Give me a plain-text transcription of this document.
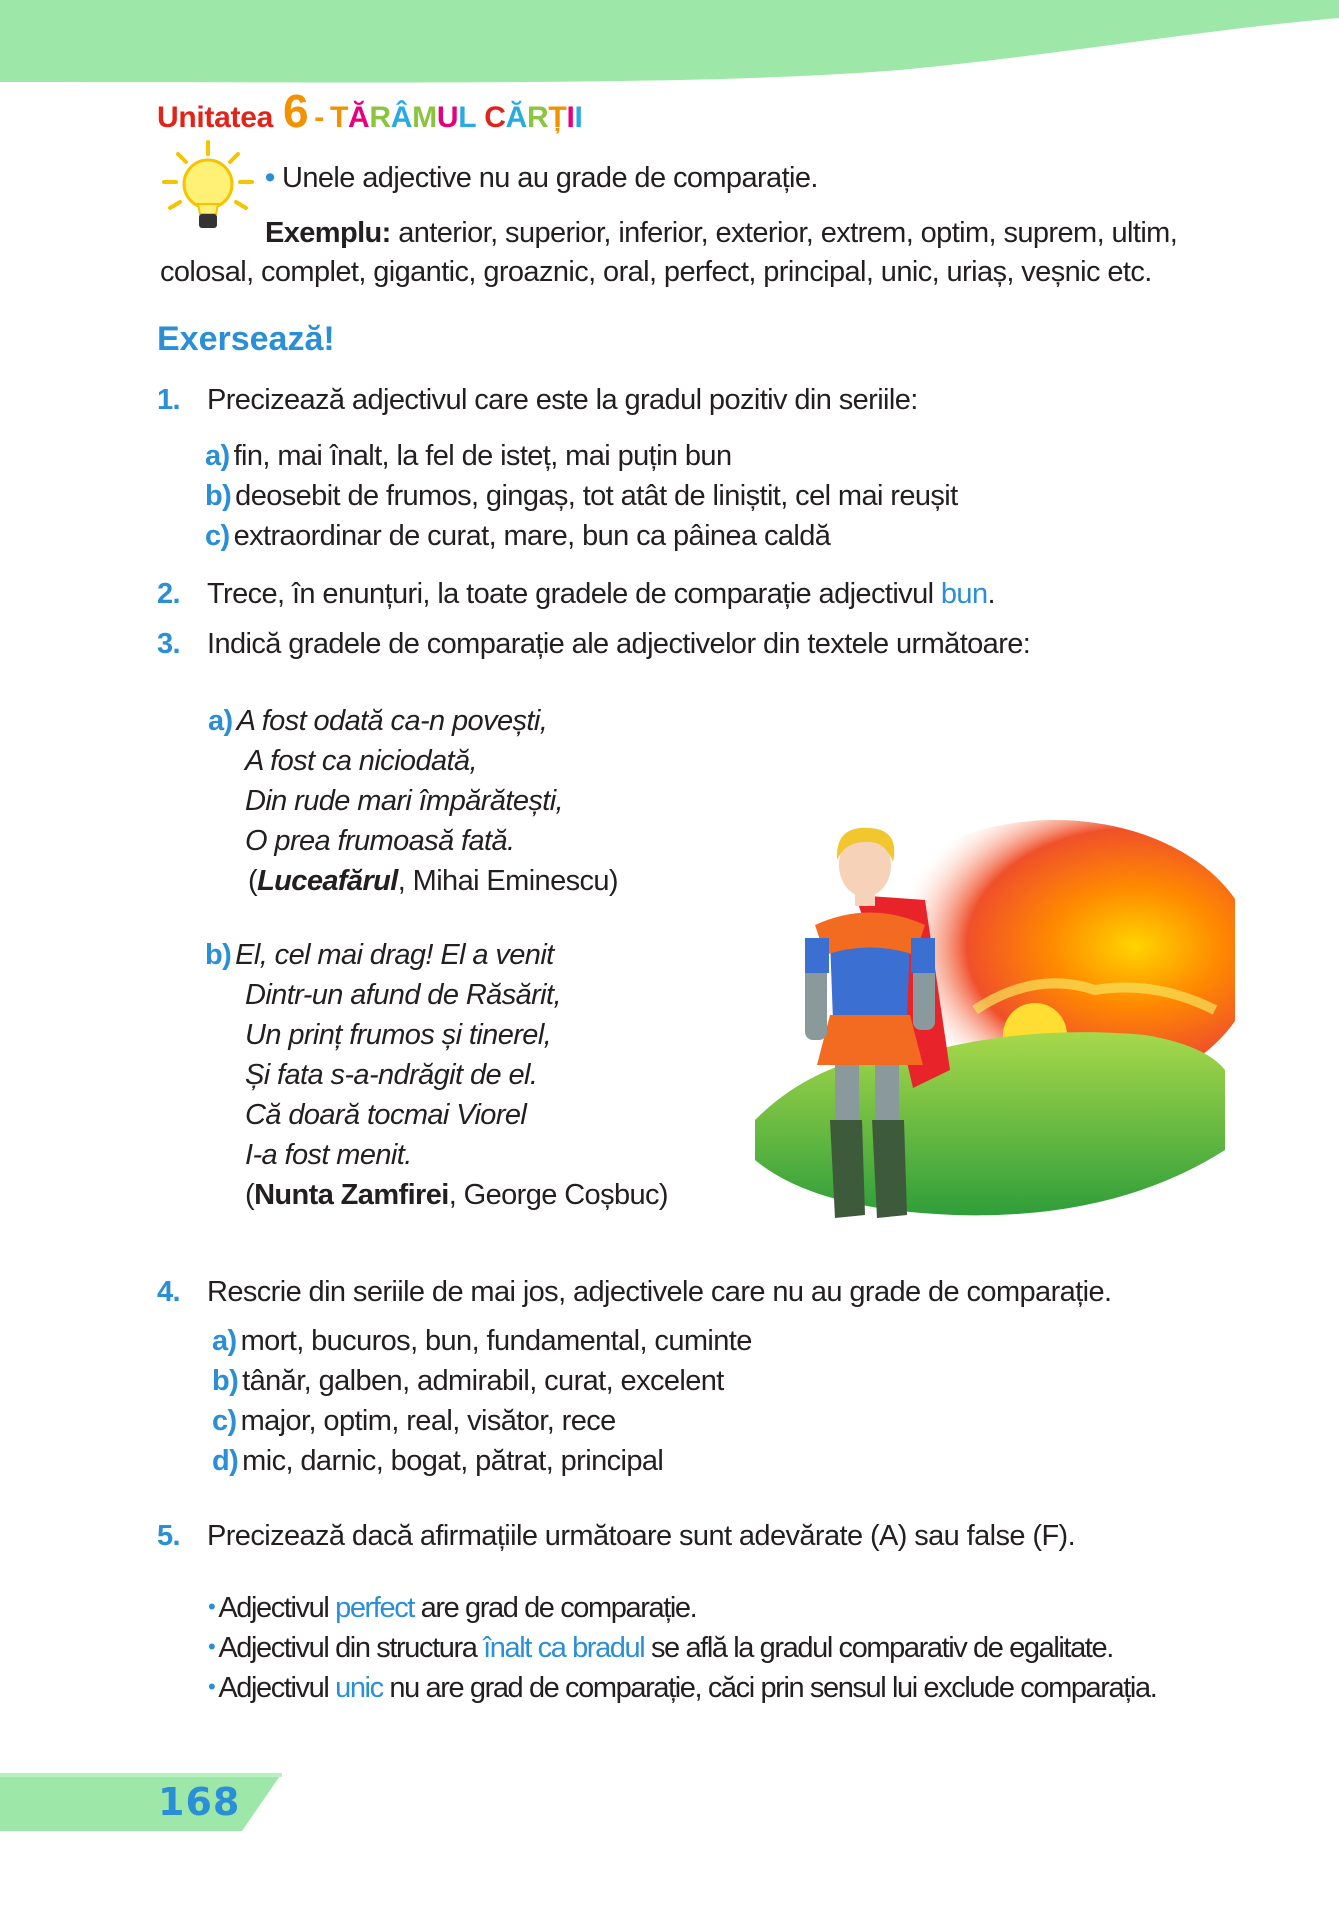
Unitatea 6 - TĂRÂMUL CĂRȚII
• Unele adjective nu au grade de comparație.
Exemplu: anterior, superior, inferior, exterior, extrem, optim, suprem, ultim,
colosal, complet, gigantic, groaznic, oral, perfect, principal, unic, uriaș, veșnic etc.
Exersează!
1. Precizează adjectivul care este la gradul pozitiv din seriile:
a) fin, mai înalt, la fel de isteț, mai puțin bun
b) deosebit de frumos, gingaș, tot atât de liniștit, cel mai reușit
c) extraordinar de curat, mare, bun ca pâinea caldă
2. Trece, în enunțuri, la toate gradele de comparație adjectivul bun.
3. Indică gradele de comparație ale adjectivelor din textele următoare:
a) A fost odată ca-n povești,
A fost ca niciodată,
Din rude mari împărătești,
O prea frumoasă fată.
(Luceafărul, Mihai Eminescu)
b) El, cel mai drag! El a venit
Dintr-un afund de Răsărit,
Un prinț frumos și tinerel,
Și fata s-a-ndrăgit de el.
Că doară tocmai Viorel
I-a fost menit.
(Nunta Zamfirei, George Coșbuc)
4. Rescrie din seriile de mai jos, adjectivele care nu au grade de comparație.
a) mort, bucuros, bun, fundamental, cuminte
b) tânăr, galben, admirabil, curat, excelent
c) major, optim, real, visător, rece
d) mic, darnic, bogat, pătrat, principal
5. Precizează dacă afirmațiile următoare sunt adevărate (A) sau false (F).
• Adjectivul perfect are grad de comparație.
• Adjectivul din structura înalt ca bradul se află la gradul comparativ de egalitate.
• Adjectivul unic nu are grad de comparație, căci prin sensul lui exclude comparația.
168
